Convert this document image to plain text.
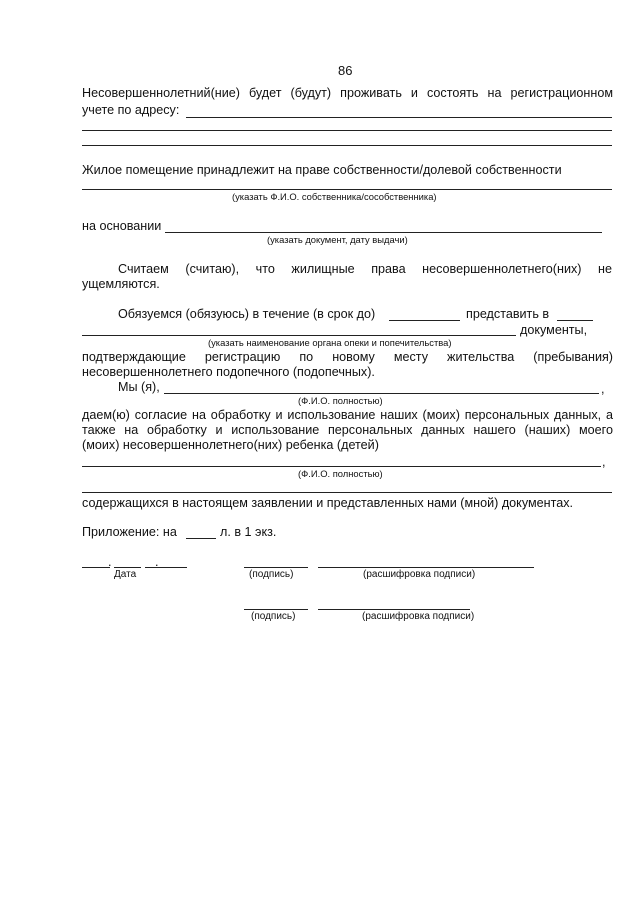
86
Несовершеннолетний(ние) будет (будут) проживать и состоять на регистрационном
учете по адресу:
Жилое помещение принадлежит на праве собственности/долевой собственности
(указать Ф.И.О. собственника/сособственника)
на основании
(указать документ, дату выдачи)
Считаем (считаю), что жилищные права несовершеннолетнего(них) не
ущемляются.
Обязуемся (обязуюсь) в течение (в срок до)	представить в
документы,
(указать наименование органа опеки и попечительства)
подтверждающие регистрацию по новому месту жительства (пребывания)
несовершеннолетнего подопечного (подопечных).
Мы (я),	,
(Ф.И.О. полностью)
даем(ю) согласие на обработку и использование наших (моих) персональных данных, а
также на обработку и использование персональных данных нашего (наших) моего
(моих) несовершеннолетнего(них) ребенка (детей)
,
(Ф.И.О. полностью)
содержащихся в настоящем заявлении и представленных нами (мной) документах.
Приложение: на	л. в 1 экз.
. .
Дата	(подпись)	(расшифровка подписи)
(подпись)	(расшифровка подписи)
